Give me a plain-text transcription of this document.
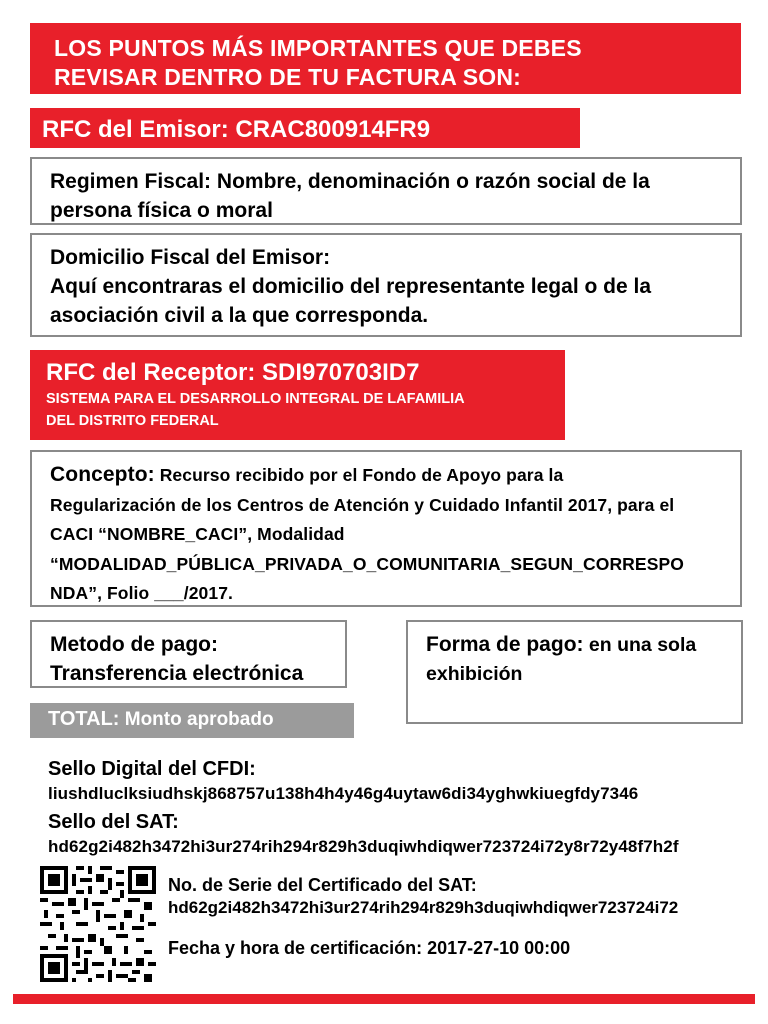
LOS PUNTOS MÁS IMPORTANTES QUE DEBES
REVISAR DENTRO DE TU FACTURA SON:
RFC del Emisor: CRAC800914FR9
Regimen Fiscal: Nombre, denominación o razón social de la
persona física o moral
Domicilio Fiscal del Emisor:
Aquí encontraras el domicilio del representante legal o de la
asociación civil a la que corresponda.
RFC del Receptor: SDI970703ID7
SISTEMA PARA EL DESARROLLO INTEGRAL DE LAFAMILIA
DEL DISTRITO FEDERAL
Concepto: Recurso recibido por el Fondo de Apoyo para la
Regularización de los Centros de Atención y Cuidado Infantil 2017, para el
CACI “NOMBRE_CACI”, Modalidad
“MODALIDAD_PÚBLICA_PRIVADA_O_COMUNITARIA_SEGUN_CORRESPO
NDA”, Folio ___/2017.
Metodo de pago:
Transferencia electrónica
Forma de pago: en una sola
exhibición
TOTAL: Monto aprobado
Sello Digital del CFDI:
liushdluclksiudhskj868757u138h4h4y46g4uytaw6di34yghwkiuegfdy7346
Sello del SAT:
hd62g2i482h3472hi3ur274rih294r829h3duqiwhdiqwer723724i72y8r72y48f7h2f
No. de Serie del Certificado del SAT:
hd62g2i482h3472hi3ur274rih294r829h3duqiwhdiqwer723724i72
Fecha y hora de certificación: 2017-27-10 00:00
